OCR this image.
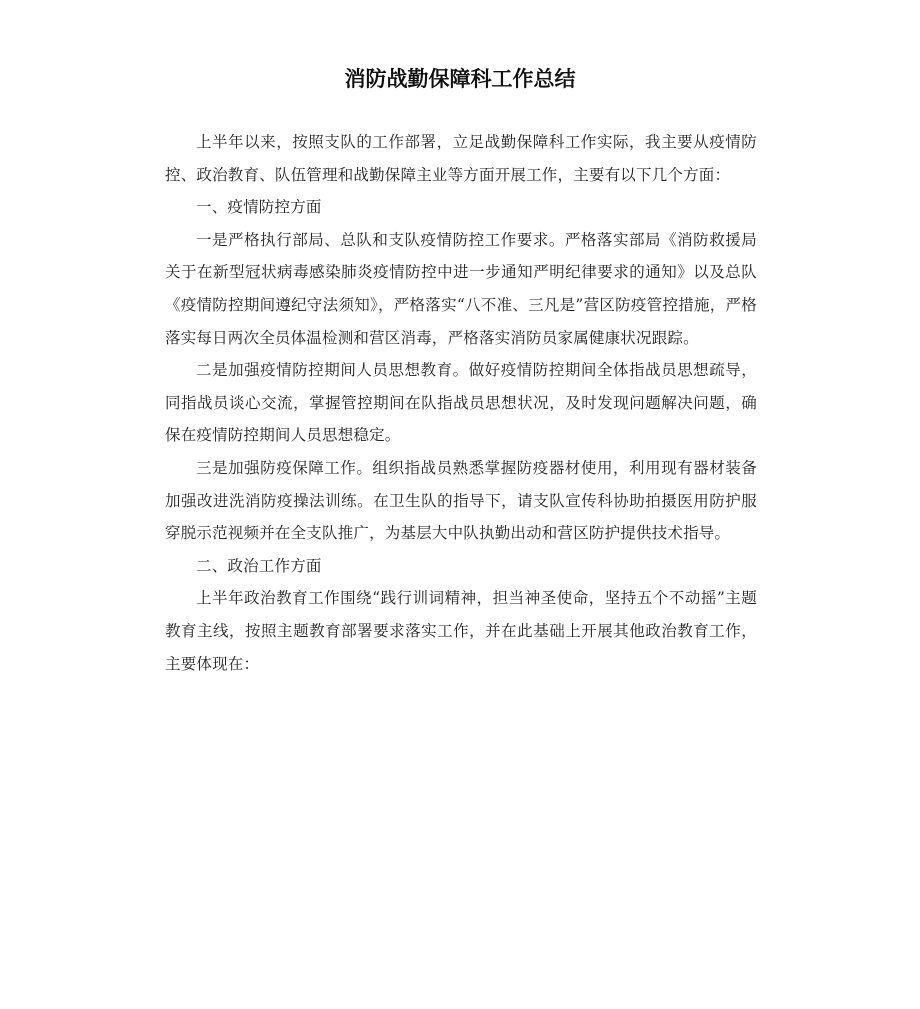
消防战勤保障科工作总结

上半年以来，按照支队的工作部署，立足战勤保障科工作实际，我主要从疫情防控、政治教育、队伍管理和战勤保障主业等方面开展工作，主要有以下几个方面：

一、疫情防控方面

一是严格执行部局、总队和支队疫情防控工作要求。严格落实部局《消防救援局关于在新型冠状病毒感染肺炎疫情防控中进一步通知严明纪律要求的通知》以及总队《疫情防控期间遵纪守法须知》，严格落实“八不准、三凡是”营区防疫管控措施，严格落实每日两次全员体温检测和营区消毒，严格落实消防员家属健康状况跟踪。

二是加强疫情防控期间人员思想教育。做好疫情防控期间全体指战员思想疏导，同指战员谈心交流，掌握管控期间在队指战员思想状况，及时发现问题解决问题，确保在疫情防控期间人员思想稳定。

三是加强防疫保障工作。组织指战员熟悉掌握防疫器材使用，利用现有器材装备加强改进洗消防疫操法训练。在卫生队的指导下，请支队宣传科协助拍摄医用防护服穿脱示范视频并在全支队推广，为基层大中队执勤出动和营区防护提供技术指导。

二、政治工作方面

上半年政治教育工作围绕“践行训词精神，担当神圣使命，坚持五个不动摇”主题教育主线，按照主题教育部署要求落实工作，并在此基础上开展其他政治教育工作，主要体现在：
